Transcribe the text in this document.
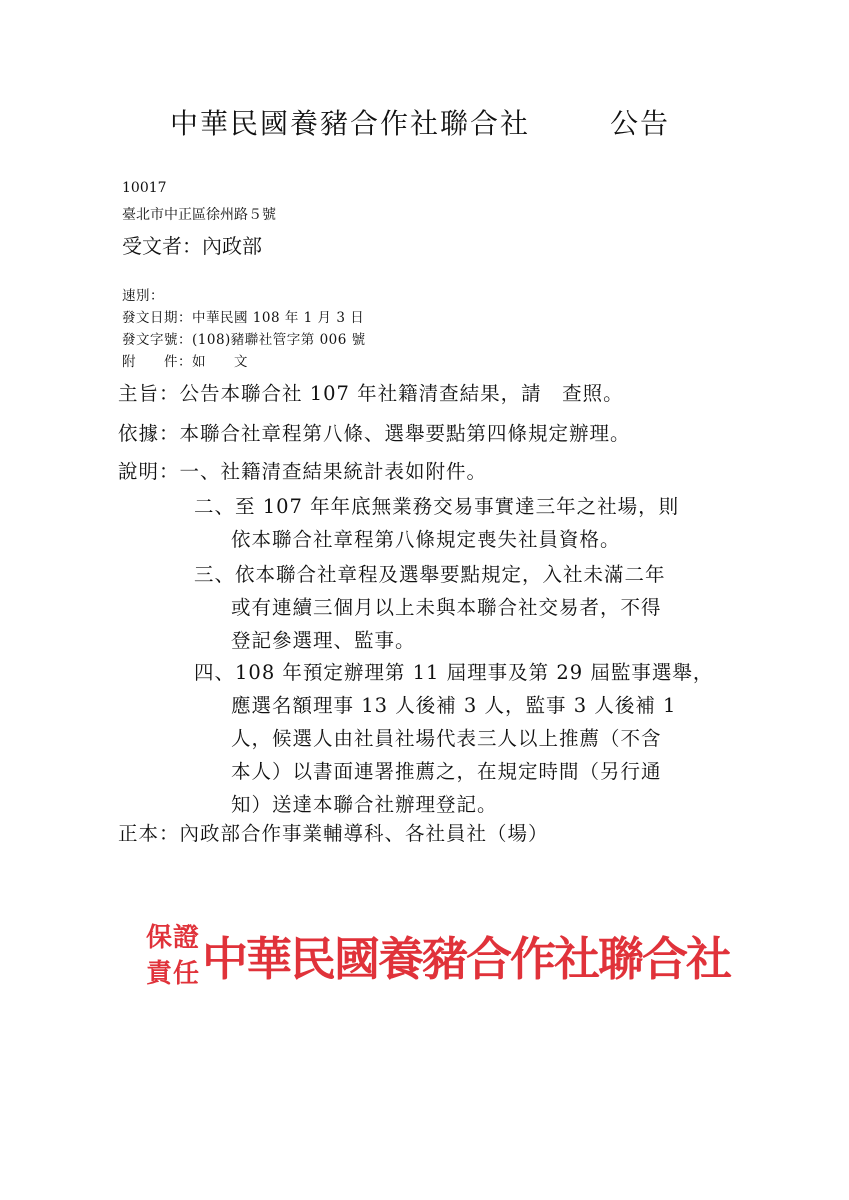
中華民國養豬合作社聯合社	公告
10017
臺北市中正區徐州路５號
受文者：內政部
速別：
發文日期：中華民國 108 年 1 月 3 日
發文字號：(108)豬聯社管字第 006 號
附　　件：如　　文
主旨：公告本聯合社 107 年社籍清查結果，請　查照。
依據：本聯合社章程第八條、選舉要點第四條規定辦理。
說明：一、社籍清查結果統計表如附件。
二、至 107 年年底無業務交易事實達三年之社場，則
依本聯合社章程第八條規定喪失社員資格。
三、依本聯合社章程及選舉要點規定，入社未滿二年
或有連續三個月以上未與本聯合社交易者，不得
登記參選理、監事。
四、108 年預定辦理第 11 屆理事及第 29 屆監事選舉，
應選名額理事 13 人後補 3 人，監事 3 人後補 1
人，候選人由社員社場代表三人以上推薦（不含
本人）以書面連署推薦之，在規定時間（另行通
知）送達本聯合社辦理登記。
正本：內政部合作事業輔導科、各社員社（場）
保證
責任 中華民國養豬合作社聯合社
